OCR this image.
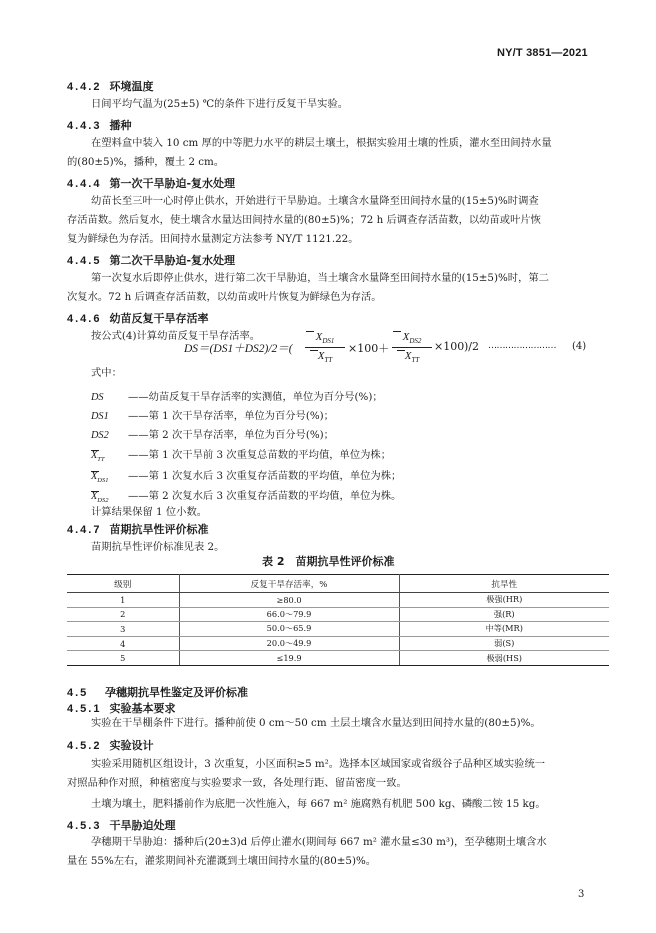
NY/T 3851—2021
4.4.2 环境温度
日间平均气温为(25±5) ℃的条件下进行反复干旱实验。
4.4.3 播种
在塑料盒中装入 10 cm 厚的中等肥力水平的耕层土壤土，根据实验用土壤的性质，灌水至田间持水量
的(80±5)%，播种，覆土 2 cm。
4.4.4 第一次干旱胁迫-复水处理
幼苗长至三叶一心时停止供水，开始进行干旱胁迫。土壤含水量降至田间持水量的(15±5)%时调查
存活苗数。然后复水，使土壤含水量达田间持水量的(80±5)%；72 h 后调查存活苗数，以幼苗或叶片恢
复为鲜绿色为存活。田间持水量测定方法参考 NY/T 1121.22。
4.4.5 第二次干旱胁迫-复水处理
第一次复水后即停止供水，进行第二次干旱胁迫，当土壤含水量降至田间持水量的(15±5)%时，第二
次复水。72 h 后调查存活苗数，以幼苗或叶片恢复为鲜绿色为存活。
4.4.6 幼苗反复干旱存活率
按公式(4)计算幼苗反复干旱存活率。
DS＝(DS1＋DS2)/2＝(
$X_{DS1}$
$X_{TT}$
×100＋
$X_{DS2}$
$X_{TT}$
×100 )/2 …………………… (4)
式中：
DS ——幼苗反复干旱存活率的实测值，单位为百分号(%)；
DS1 ——第 1 次干旱存活率，单位为百分号(%)；
DS2 ——第 2 次干旱存活率，单位为百分号(%)；
$X_{TT}$ ——第 1 次干旱前 3 次重复总苗数的平均值，单位为株；
$X_{DS1}$ ——第 1 次复水后 3 次重复存活苗数的平均值，单位为株；
$X_{DS2}$ ——第 2 次复水后 3 次重复存活苗数的平均值，单位为株。
计算结果保留 1 位小数。
4.4.7 苗期抗旱性评价标准
苗期抗旱性评价标准见表 2。
表 2　苗期抗旱性评价标准
级别	反复干旱存活率，%	抗旱性
1	≥80.0	极强(HR)
2	66.0～79.9	强(R)
3	50.0～65.9	中等(MR)
4	20.0～49.9	弱(S)
5	≤19.9	极弱(HS)
4.5 孕穗期抗旱性鉴定及评价标准
4.5.1 实验基本要求
实验在干旱棚条件下进行。播种前使 0 cm～50 cm 土层土壤含水量达到田间持水量的(80±5)%。
4.5.2 实验设计
实验采用随机区组设计，3 次重复，小区面积≥5 m²。选择本区域国家或省级谷子品种区域实验统一
对照品种作对照，种植密度与实验要求一致，各处理行距、留苗密度一致。
土壤为壤土，肥料播前作为底肥一次性施入，每 667 m² 施腐熟有机肥 500 kg、磷酸二铵 15 kg。
4.5.3 干旱胁迫处理
孕穗期干旱胁迫：播种后(20±3)d 后停止灌水(期间每 667 m² 灌水量≤30 m³)，至孕穗期土壤含水
量在 55%左右，灌浆期间补充灌溉到土壤田间持水量的(80±5)%。
3
